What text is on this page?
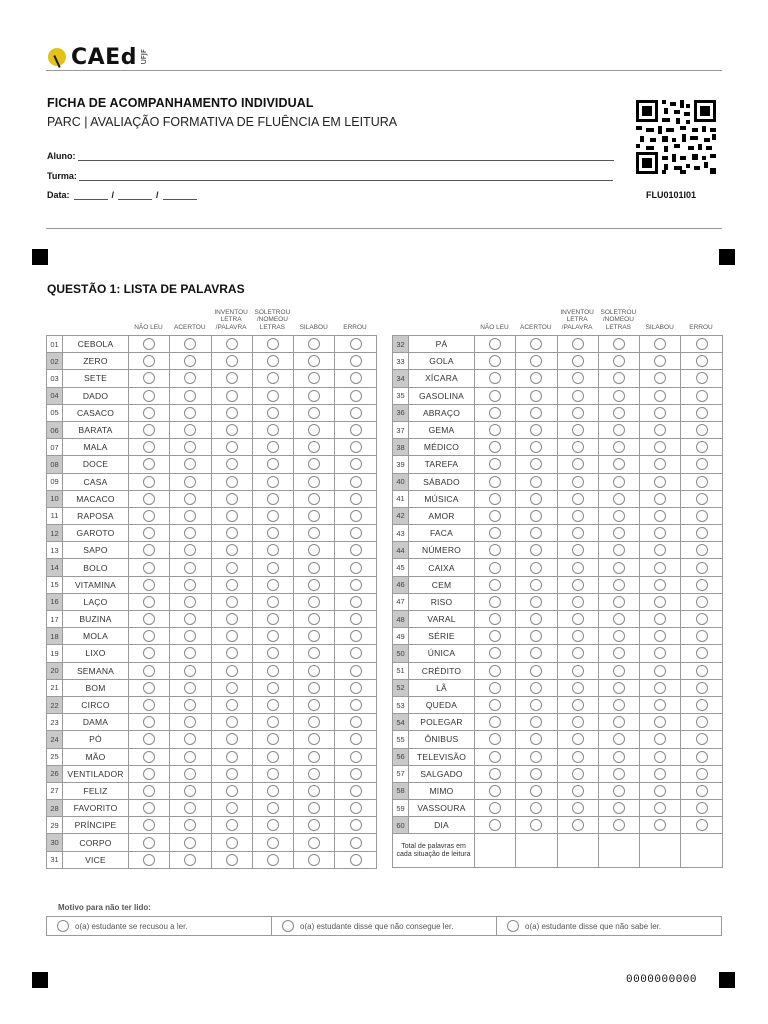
CAEd UFJF
FICHA DE ACOMPANHAMENTO INDIVIDUAL
PARC | AVALIAÇÃO FORMATIVA DE FLUÊNCIA EM LEITURA
Aluno:
Turma:
Data:	/	/	FLU0101I01
QUESTÃO 1: LISTA DE PALAVRAS
NÃO LEU	ACERTOU
INVENTOU
LETRA
/PALAVRA
SOLETROU
/NOMEOU
LETRAS	SILABOU	ERROU	NÃO LEU	ACERTOU
INVENTOU
LETRA
/PALAVRA
SOLETROU
/NOMEOU
LETRAS	SILABOU	ERROU
01	CEBOLA						
02	ZERO						
03	SETE						
04	DADO						
05	CASACO						
06	BARATA						
07	MALA						
08	DOCE						
09	CASA						
10	MACACO						
11	RAPOSA						
12	GAROTO						
13	SAPO						
14	BOLO						
15	VITAMINA						
16	LAÇO						
17	BUZINA						
18	MOLA						
19	LIXO						
20	SEMANA						
21	BOM						
22	CIRCO						
23	DAMA						
24	PÓ						
25	MÃO						
26	VENTILADOR						
27	FELIZ						
28	FAVORITO						
29	PRÍNCIPE						
30	CORPO						
31	VICE						
32	PÁ						
33	GOLA						
34	XÍCARA						
35	GASOLINA						
36	ABRAÇO						
37	GEMA						
38	MÉDICO						
39	TAREFA						
40	SÁBADO						
41	MÚSICA						
42	AMOR						
43	FACA						
44	NÚMERO						
45	CAIXA						
46	CEM						
47	RISO						
48	VARAL						
49	SÉRIE						
50	ÚNICA						
51	CRÉDITO						
52	LÃ						
53	QUEDA						
54	POLEGAR						
55	ÔNIBUS						
56	TELEVISÃO						
57	SALGADO						
58	MIMO						
59	VASSOURA						
60	DIA						
Total de palavras em cada situação de leitura							
Motivo para não ter lido:
o(a) estudante se recusou a ler.	o(a) estudante disse que não consegue ler.	o(a) estudante disse que não sabe ler.
0000000000
